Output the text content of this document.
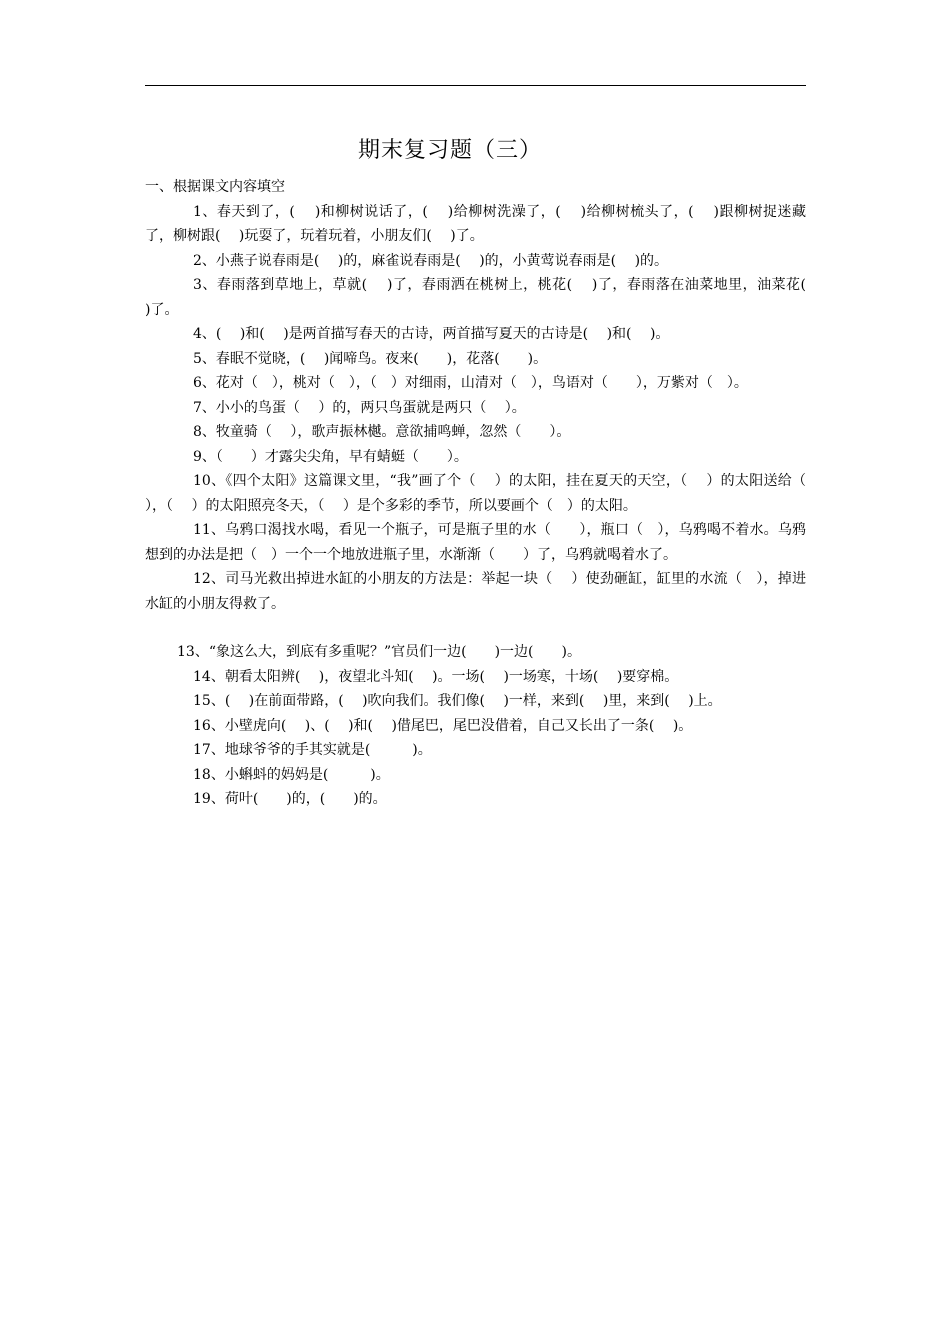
期末复习题（三）

一、根据课文内容填空

1、春天到了，(　 )和柳树说话了，(　 )给柳树洗澡了，(　 )给柳树梳头了，(　 )跟柳树捉迷藏了，柳树跟(　 )玩耍了，玩着玩着，小朋友们(　 )了。

2、小燕子说春雨是(　 )的，麻雀说春雨是(　 )的，小黄莺说春雨是(　 )的。

3、春雨落到草地上，草就(　 )了，春雨洒在桃树上，桃花(　 )了，春雨落在油菜地里，油菜花(　　)了。

4、(　 )和(　 )是两首描写春天的古诗，两首描写夏天的古诗是(　 )和(　 )。

5、春眠不觉晓，(　 )闻啼鸟。夜来(　　)，花落(　　)。

6、花对（　），桃对（　），（　）对细雨，山清对（　），鸟语对（　　），万紫对（　）。

7、小小的鸟蛋（　 ）的，两只鸟蛋就是两只（　 ）。

8、牧童骑（　 ），歌声振林樾。意欲捕鸣蝉，忽然（　　）。

9、（　　）才露尖尖角，早有蜻蜓（　　）。

10、《四个太阳》这篇课文里，“我”画了个（　 ）的太阳，挂在夏天的天空，（　 ）的太阳送给（　 ），（　 ）的太阳照亮冬天，（　 ）是个多彩的季节，所以要画个（　）的太阳。

11、乌鸦口渴找水喝，看见一个瓶子，可是瓶子里的水（　　），瓶口（　），乌鸦喝不着水。乌鸦想到的办法是把（　）一个一个地放进瓶子里，水渐渐（　　）了，乌鸦就喝着水了。

12、司马光救出掉进水缸的小朋友的方法是：举起一块（　 ）使劲砸缸，缸里的水流（　），掉进水缸的小朋友得救了。

13、“象这么大，到底有多重呢？”官员们一边(　　)一边(　　)。

14、朝看太阳辨(　 )，夜望北斗知(　 )。一场(　 )一场寒，十场(　 )要穿棉。

15、(　 )在前面带路，(　 )吹向我们。我们像(　 )一样，来到(　 )里，来到(　 )上。

16、小壁虎向(　 )、(　 )和(　 )借尾巴，尾巴没借着，自己又长出了一条(　 )。

17、地球爷爷的手其实就是(　　　)。

18、小蝌蚪的妈妈是(　　　)。

19、荷叶(　　)的，(　　)的。
